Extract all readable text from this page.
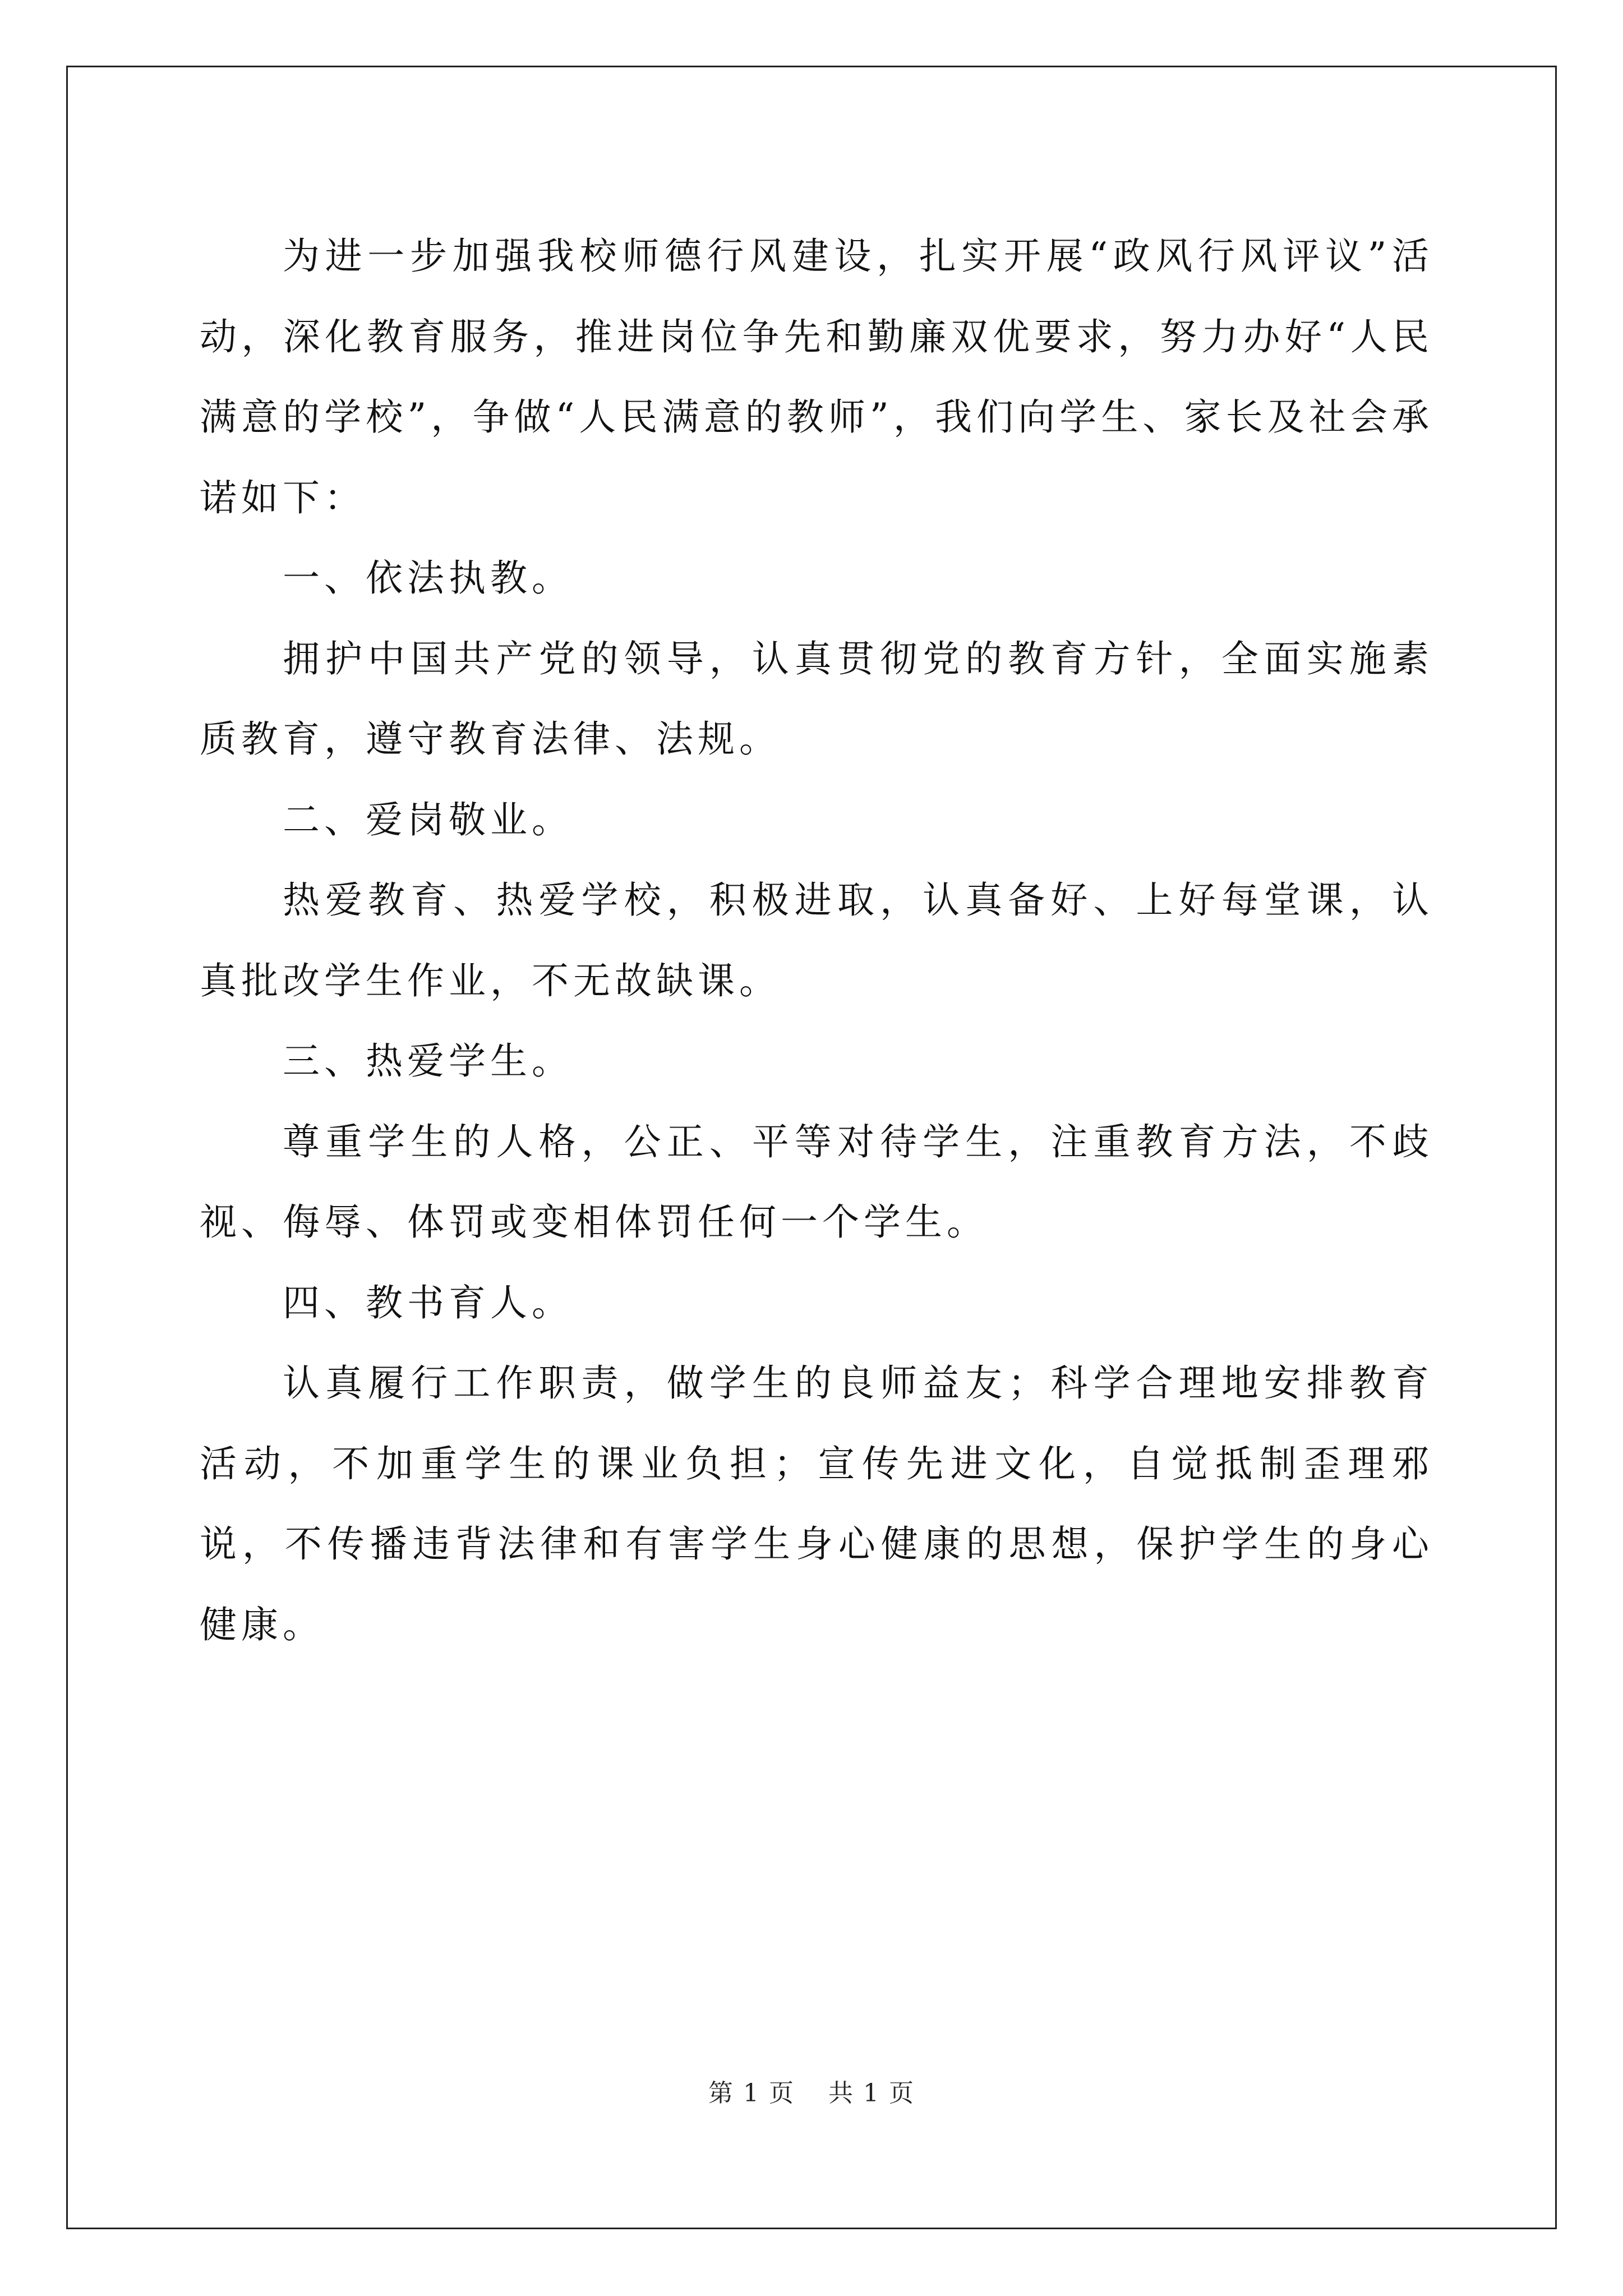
为进一步加强我校师德行风建设，扎实开展“政风行风评议”活动，深化教育服务，推进岗位争先和勤廉双优要求，努力办好“人民满意的学校”，争做“人民满意的教师”，我们向学生、家长及社会承诺如下：

一、依法执教。

拥护中国共产党的领导，认真贯彻党的教育方针，全面实施素质教育，遵守教育法律、法规。

二、爱岗敬业。

热爱教育、热爱学校，积极进取，认真备好、上好每堂课，认真批改学生作业，不无故缺课。

三、热爱学生。

尊重学生的人格，公正、平等对待学生，注重教育方法，不歧视、侮辱、体罚或变相体罚任何一个学生。

四、教书育人。

认真履行工作职责，做学生的良师益友；科学合理地安排教育活动，不加重学生的课业负担；宣传先进文化，自觉抵制歪理邪说，不传播违背法律和有害学生身心健康的思想，保护学生的身心健康。

第 1 页 共 1 页
